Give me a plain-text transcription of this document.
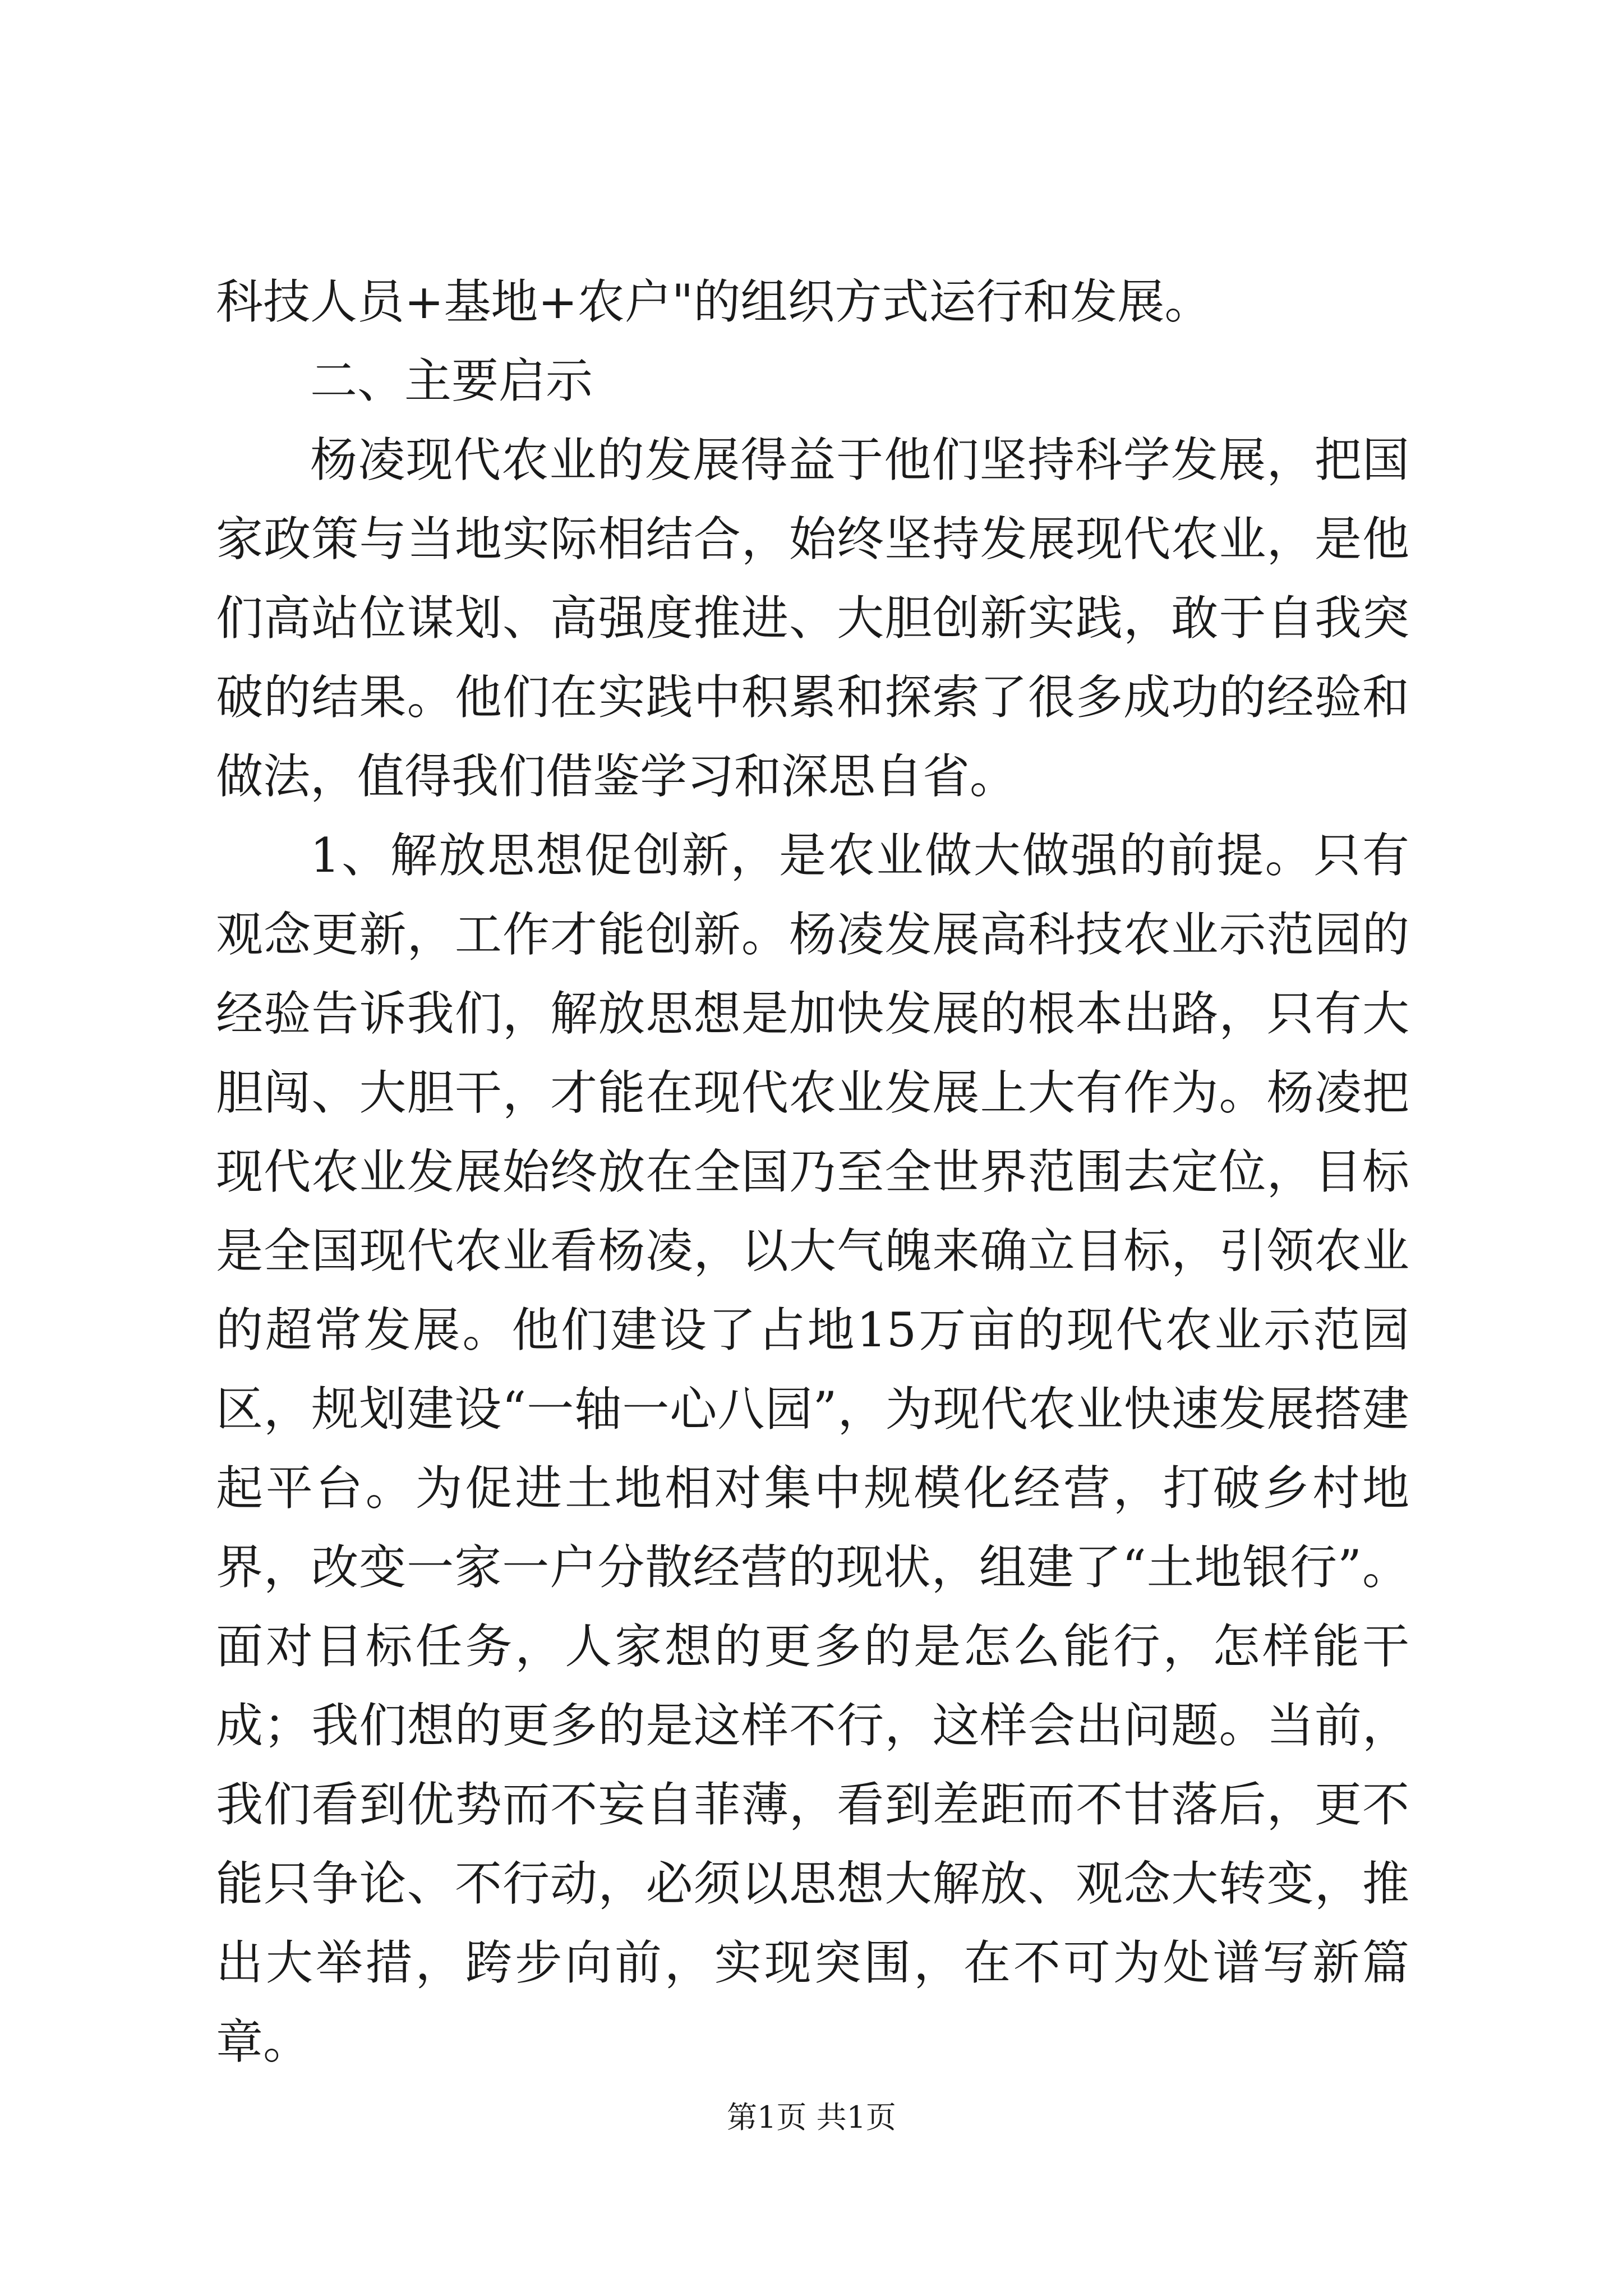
科技人员+基地+农户"的组织方式运行和发展。

二、主要启示

杨凌现代农业的发展得益于他们坚持科学发展，把国家政策与当地实际相结合，始终坚持发展现代农业，是他们高站位谋划、高强度推进、大胆创新实践，敢于自我突破的结果。他们在实践中积累和探索了很多成功的经验和做法，值得我们借鉴学习和深思自省。

1、解放思想促创新，是农业做大做强的前提。只有观念更新，工作才能创新。杨凌发展高科技农业示范园的经验告诉我们，解放思想是加快发展的根本出路，只有大胆闯、大胆干，才能在现代农业发展上大有作为。杨凌把现代农业发展始终放在全国乃至全世界范围去定位，目标是全国现代农业看杨凌，以大气魄来确立目标，引领农业的超常发展。他们建设了占地15万亩的现代农业示范园区，规划建设“一轴一心八园”，为现代农业快速发展搭建起平台。为促进土地相对集中规模化经营，打破乡村地界，改变一家一户分散经营的现状，组建了“土地银行”。面对目标任务，人家想的更多的是怎么能行，怎样能干成；我们想的更多的是这样不行，这样会出问题。当前，我们看到优势而不妄自菲薄，看到差距而不甘落后，更不能只争论、不行动，必须以思想大解放、观念大转变，推出大举措，跨步向前，实现突围，在不可为处谱写新篇章。

第1页 共1页
